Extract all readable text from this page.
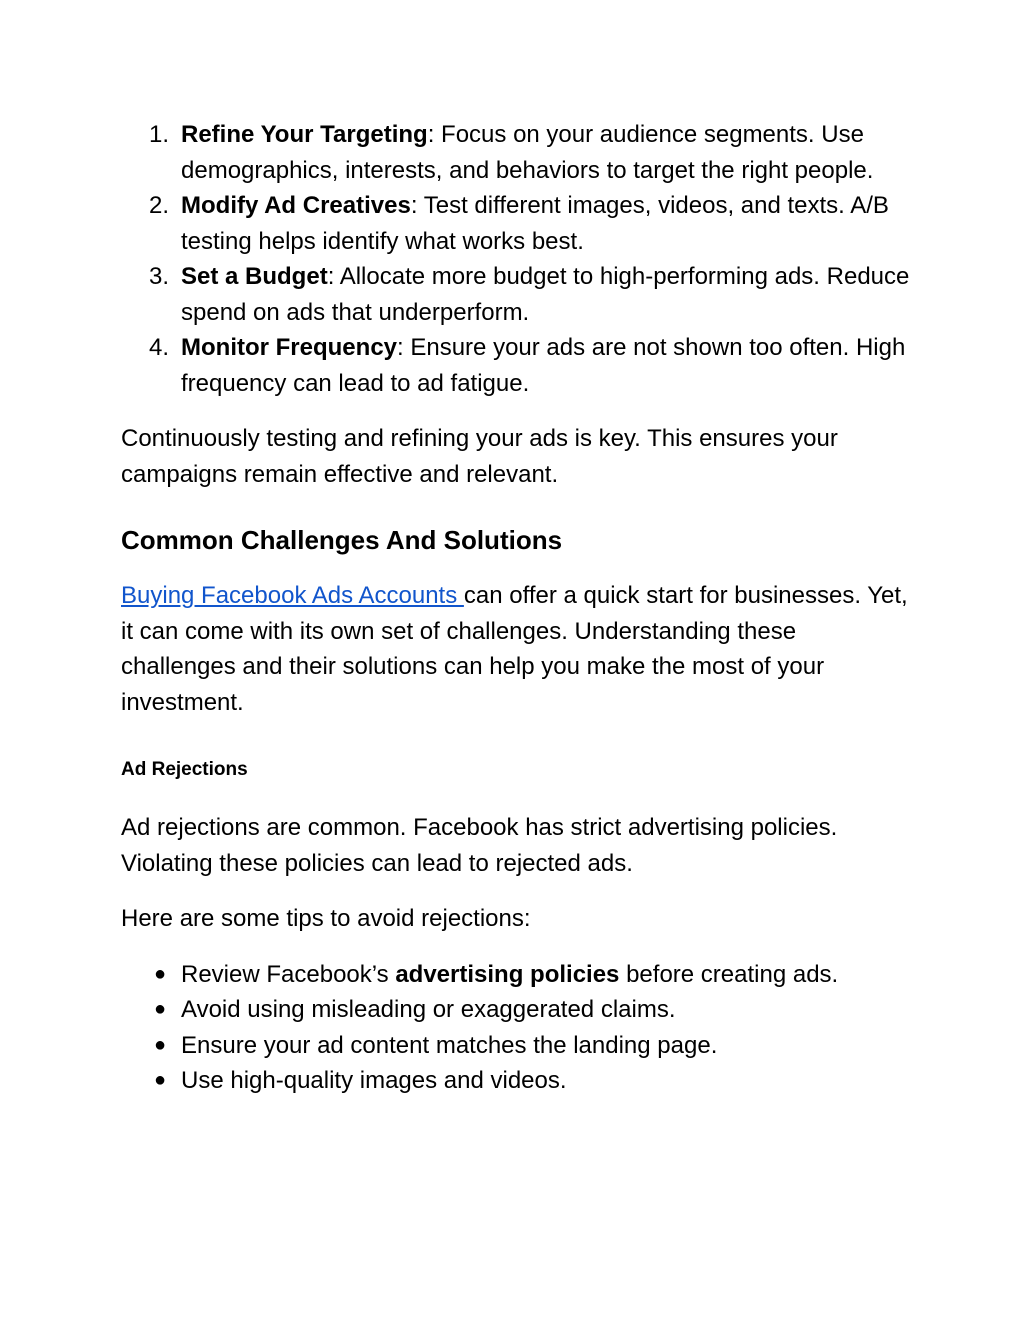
1. Refine Your Targeting: Focus on your audience segments. Use demographics, interests, and behaviors to target the right people.
2. Modify Ad Creatives: Test different images, videos, and texts. A/B testing helps identify what works best.
3. Set a Budget: Allocate more budget to high-performing ads. Reduce spend on ads that underperform.
4. Monitor Frequency: Ensure your ads are not shown too often. High frequency can lead to ad fatigue.

Continuously testing and refining your ads is key. This ensures your campaigns remain effective and relevant.

Common Challenges And Solutions

Buying Facebook Ads Accounts can offer a quick start for businesses. Yet, it can come with its own set of challenges. Understanding these challenges and their solutions can help you make the most of your investment.

Ad Rejections

Ad rejections are common. Facebook has strict advertising policies. Violating these policies can lead to rejected ads.

Here are some tips to avoid rejections:

● Review Facebook’s advertising policies before creating ads.
● Avoid using misleading or exaggerated claims.
● Ensure your ad content matches the landing page.
● Use high-quality images and videos.
